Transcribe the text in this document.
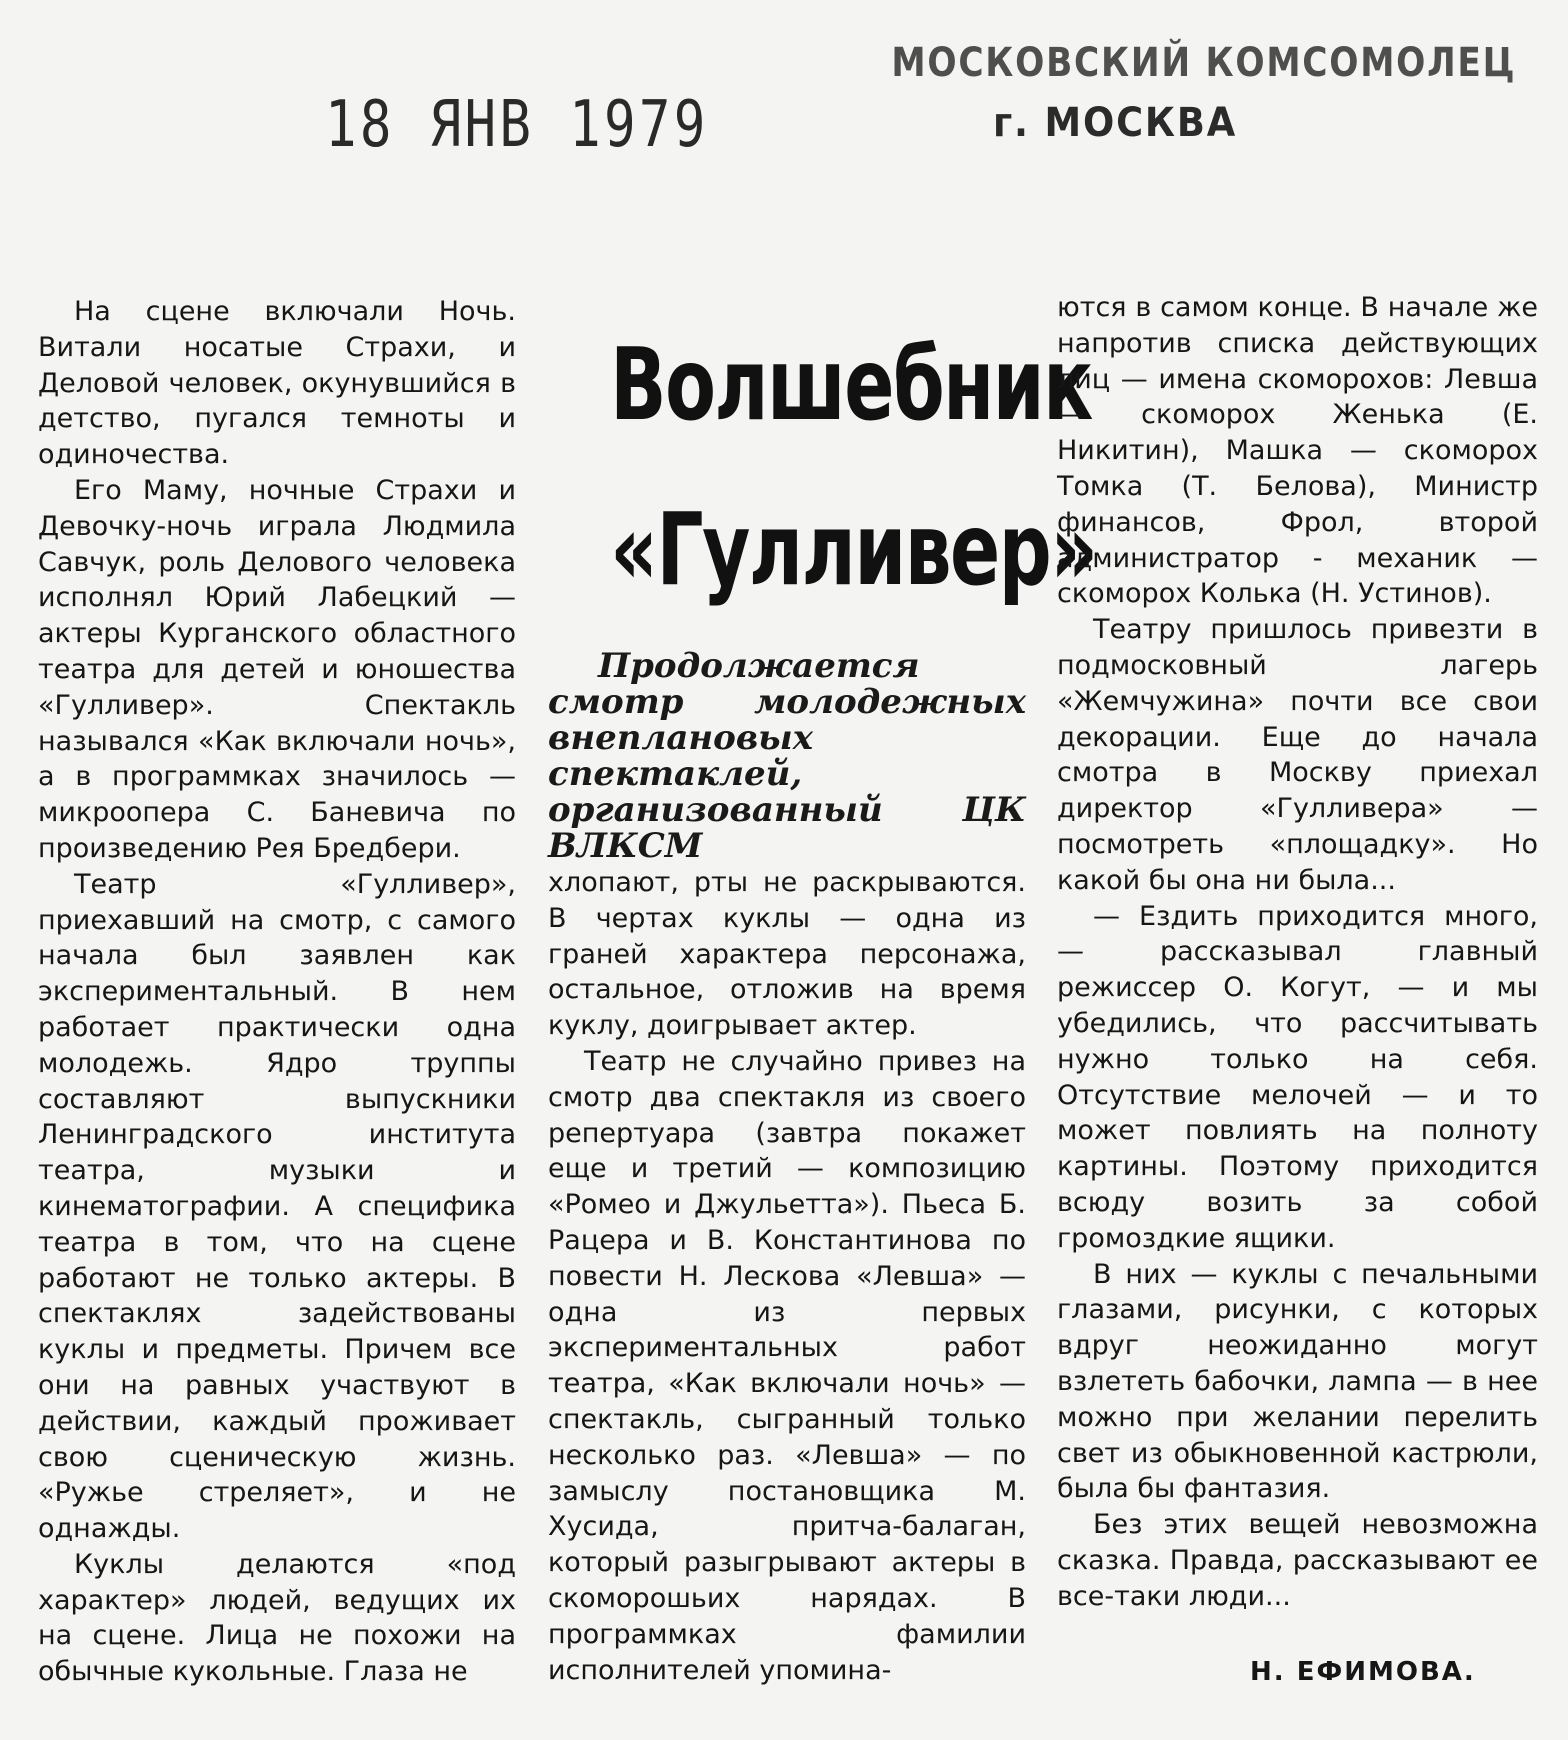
18 ЯНВ 1979
МОСКОВСКИЙ КОМСОМОЛЕЦ
г. МОСКВА

На сцене включали Ночь. Витали носатые Страхи, и Деловой человек, окунувшийся в детство, пугался темноты и одиночества.

Его Маму, ночные Страхи и Девочку-ночь играла Людмила Савчук, роль Делового человека исполнял Юрий Лабецкий — актеры Курганского областного театра для детей и юношества «Гулливер». Спектакль назывался «Как включали ночь», а в программках значилось — микроопера С. Баневича по произведению Рея Бредбери.

Театр «Гулливер», приехавший на смотр, с самого начала был заявлен как экспериментальный. В нем работает практически одна молодежь. Ядро труппы составляют выпускники Ленинградского института театра, музыки и кинематографии. А специфика театра в том, что на сцене работают не только актеры. В спектаклях задействованы куклы и предметы. Причем все они на равных участвуют в действии, каждый проживает свою сценическую жизнь. «Ружье стреляет», и не однажды.

Куклы делаются «под характер» людей, ведущих их на сцене. Лица не похожи на обычные кукольные. Глаза не

Волшебник
«Гулливер»
Продолжается смотр молодежных внеплановых спектаклей, организованный ЦК ВЛКСМ

хлопают, рты не раскрываются. В чертах куклы — одна из граней характера персонажа, остальное, отложив на время куклу, доигрывает актер.

Театр не случайно привез на смотр два спектакля из своего репертуара (завтра покажет еще и третий — композицию «Ромео и Джульетта»). Пьеса Б. Рацера и В. Константинова по повести Н. Лескова «Левша» — одна из первых экспериментальных работ театра, «Как включали ночь» — спектакль, сыгранный только несколько раз. «Левша» — по замыслу постановщика М. Хусида, притча-балаган, который разыгрывают актеры в скоморошьих нарядах. В программках фамилии исполнителей упомина-

ются в самом конце. В начале же напротив списка действующих лиц — имена скоморохов: Левша — скоморох Женька (Е. Никитин), Машка — скоморох Томка (Т. Белова), Министр финансов, Фрол, второй администратор - механик — скоморох Колька (Н. Устинов).

Театру пришлось привезти в подмосковный лагерь «Жемчужина» почти все свои декорации. Еще до начала смотра в Москву приехал директор «Гулливера» — посмотреть «площадку». Но какой бы она ни была...

— Ездить приходится много, — рассказывал главный режиссер О. Когут, — и мы убедились, что рассчитывать нужно только на себя. Отсутствие мелочей — и то может повлиять на полноту картины. Поэтому приходится всюду возить за собой громоздкие ящики.

В них — куклы с печальными глазами, рисунки, с которых вдруг неожиданно могут взлететь бабочки, лампа — в нее можно при желании перелить свет из обыкновенной кастрюли, была бы фантазия.

Без этих вещей невозможна сказка. Правда, рассказывают ее все-таки люди...

Н. ЕФИМОВА.
